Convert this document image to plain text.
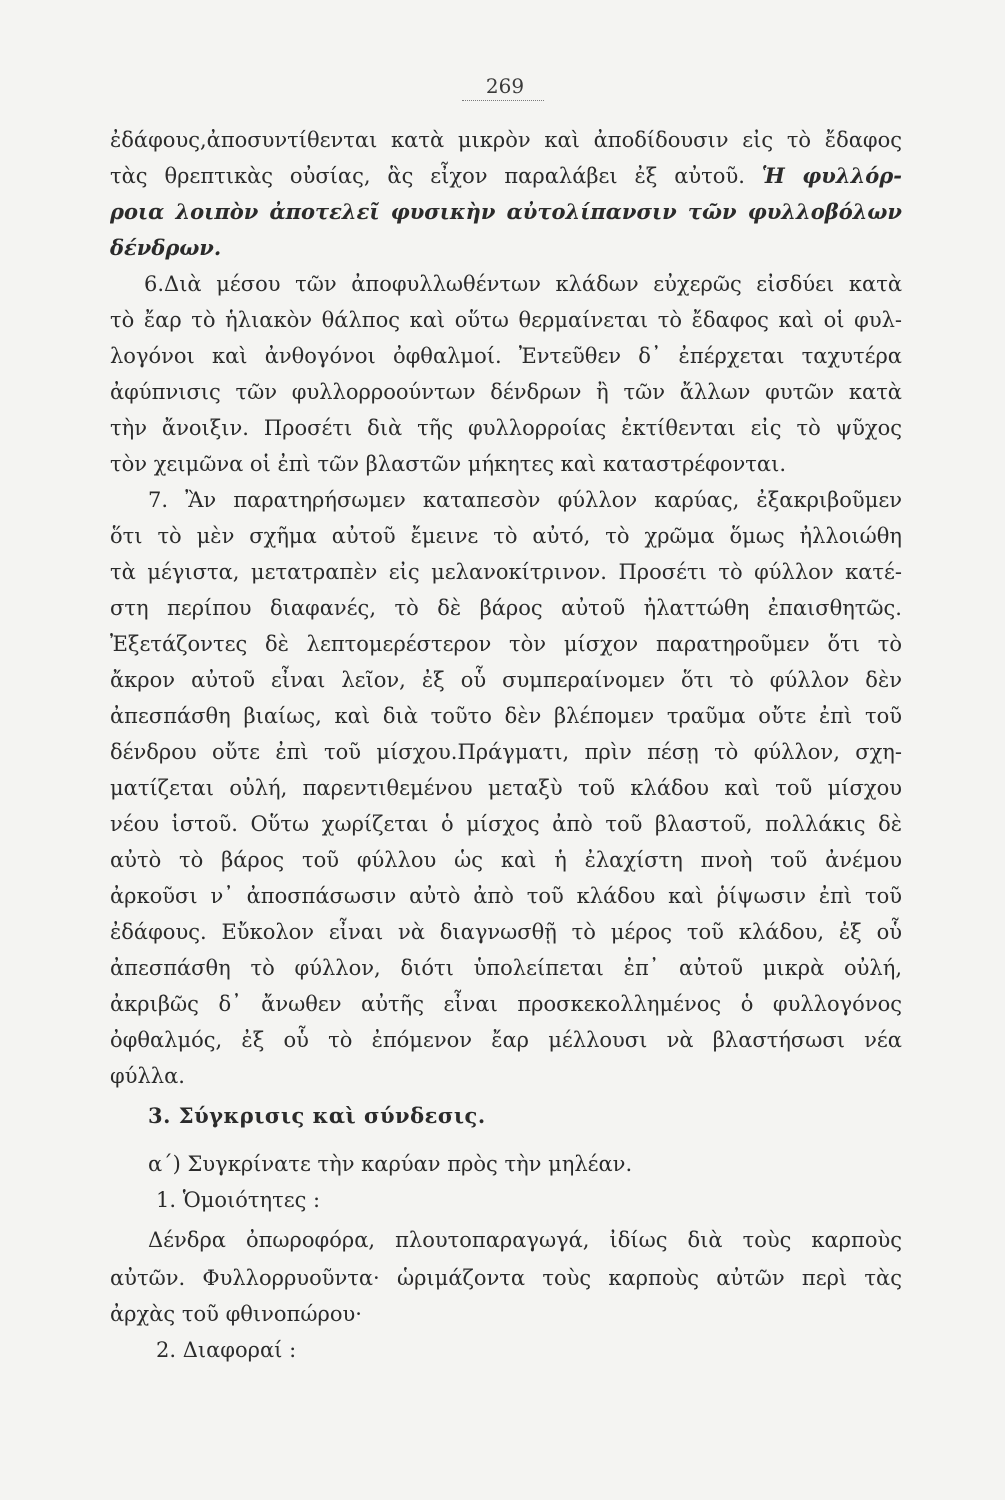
269
ἐδάφους,ἀποσυντίθενται κατὰ μικρὸν καὶ ἀποδίδουσιν εἰς τὸ ἔδαφος
τὰς θρεπτικὰς οὐσίας, ἃς εἶχον παραλάβει ἐξ αὐτοῦ. Ἡ φυλλόρ-
ροια λοιπὸν ἀποτελεῖ φυσικὴν αὐτολίπανσιν τῶν φυλλοβόλων
δένδρων.
6.Διὰ μέσου τῶν ἀποφυλλωθέντων κλάδων εὐχερῶς εἰσδύει κατὰ
τὸ ἔαρ τὸ ἡλιακὸν θάλπος καὶ οὕτω θερμαίνεται τὸ ἔδαφος καὶ οἱ φυλ-
λογόνοι καὶ ἀνθογόνοι ὀφθαλμοί. Ἐντεῦθεν δ᾽ ἐπέρχεται ταχυτέρα
ἀφύπνισις τῶν φυλλορροούντων δένδρων ἢ τῶν ἄλλων φυτῶν κατὰ
τὴν ἄνοιξιν. Προσέτι διὰ τῆς φυλλορροίας ἐκτίθενται εἰς τὸ ψῦχος
τὸν χειμῶνα οἱ ἐπὶ τῶν βλαστῶν μήκητες καὶ καταστρέφονται.
7. Ἂν παρατηρήσωμεν καταπεσὸν φύλλον καρύας, ἐξακριβοῦμεν
ὅτι τὸ μὲν σχῆμα αὐτοῦ ἔμεινε τὸ αὐτό, τὸ χρῶμα ὅμως ἠλλοιώθη
τὰ μέγιστα, μετατραπὲν εἰς μελανοκίτρινον. Προσέτι τὸ φύλλον κατέ-
στη περίπου διαφανές, τὸ δὲ βάρος αὐτοῦ ἠλαττώθη ἐπαισθητῶς.
Ἐξετάζοντες δὲ λεπτομερέστερον τὸν μίσχον παρατηροῦμεν ὅτι τὸ
ἄκρον αὐτοῦ εἶναι λεῖον, ἐξ οὗ συμπεραίνομεν ὅτι τὸ φύλλον δὲν
ἀπεσπάσθη βιαίως, καὶ διὰ τοῦτο δὲν βλέπομεν τραῦμα οὔτε ἐπὶ τοῦ
δένδρου οὔτε ἐπὶ τοῦ μίσχου.Πράγματι, πρὶν πέσῃ τὸ φύλλον, σχη-
ματίζεται οὐλή, παρεντιθεμένου μεταξὺ τοῦ κλάδου καὶ τοῦ μίσχου
νέου ἱστοῦ. Οὕτω χωρίζεται ὁ μίσχος ἀπὸ τοῦ βλαστοῦ, πολλάκις δὲ
αὐτὸ τὸ βάρος τοῦ φύλλου ὡς καὶ ἡ ἐλαχίστη πνοὴ τοῦ ἀνέμου
ἀρκοῦσι ν᾽ ἀποσπάσωσιν αὐτὸ ἀπὸ τοῦ κλάδου καὶ ῥίψωσιν ἐπὶ τοῦ
ἐδάφους. Εὔκολον εἶναι νὰ διαγνωσθῇ τὸ μέρος τοῦ κλάδου, ἐξ οὗ
ἀπεσπάσθη τὸ φύλλον, διότι ὑπολείπεται ἐπ᾽ αὐτοῦ μικρὰ οὐλή,
ἀκριβῶς δ᾽ ἄνωθεν αὐτῆς εἶναι προσκεκολλημένος ὁ φυλλογόνος
ὀφθαλμός, ἐξ οὗ τὸ ἐπόμενον ἔαρ μέλλουσι νὰ βλαστήσωσι νέα
φύλλα.
3. Σύγκρισις καὶ σύνδεσις.
α´) Συγκρίνατε τὴν καρύαν πρὸς τὴν μηλέαν.
1. Ὁμοιότητες :
Δένδρα ὀπωροφόρα, πλουτοπαραγωγά, ἰδίως διὰ τοὺς καρποὺς
αὐτῶν. Φυλλορρυοῦντα· ὡριμάζοντα τοὺς καρποὺς αὐτῶν περὶ τὰς
ἀρχὰς τοῦ φθινοπώρου·
2. Διαφοραί :
